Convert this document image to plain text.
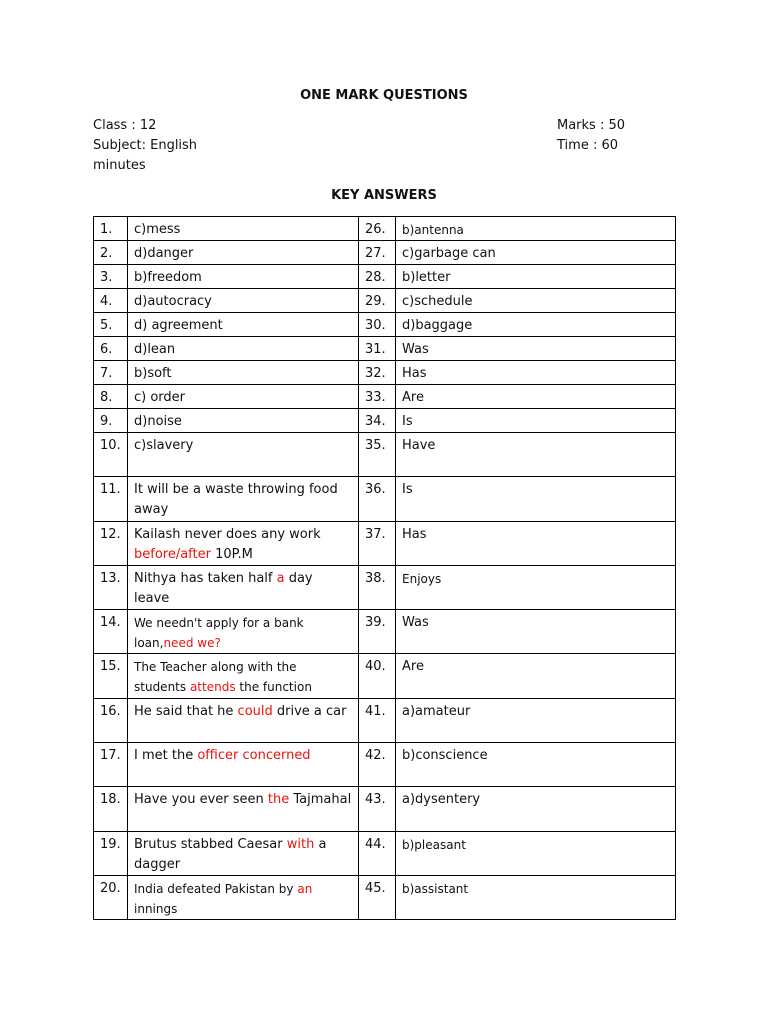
ONE MARK QUESTIONS
Class : 12
Subject: English
minutes
Marks : 50
Time : 60
KEY ANSWERS
1.	c)mess	26.	b)antenna
2.	d)danger	27.	c)garbage can
3.	b)freedom	28.	b)letter
4.	d)autocracy	29.	c)schedule
5.	d) agreement	30.	d)baggage
6.	d)lean	31.	Was
7.	b)soft	32.	Has
8.	c) order	33.	Are
9.	d)noise	34.	Is
10.	c)slavery	35.	Have
11.	It will be a waste throwing food away	36.	Is
12.	Kailash never does any work before/after 10P.M	37.	Has
13.	Nithya has taken half a day leave	38.	Enjoys
14.	We needn't apply for a bank loan,need we?	39.	Was
15.	The Teacher along with the students attends the function	40.	Are
16.	He said that he could drive a car	41.	a)amateur
17.	I met the officer concerned	42.	b)conscience
18.	Have you ever seen the Tajmahal	43.	a)dysentery
19.	Brutus stabbed Caesar with a dagger	44.	b)pleasant
20.	India defeated Pakistan by an innings	45.	b)assistant
